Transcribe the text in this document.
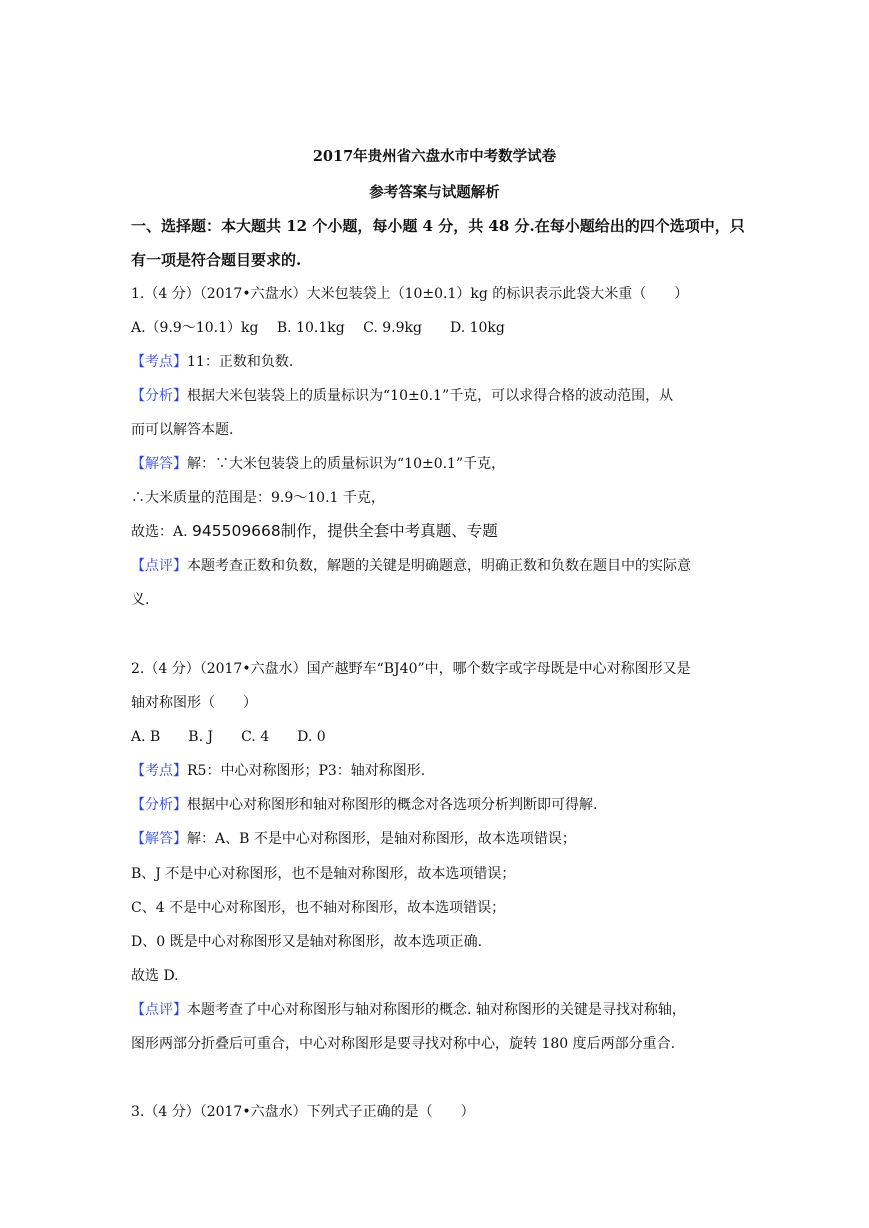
2017年贵州省六盘水市中考数学试卷
参考答案与试题解析
一、选择题：本大题共 12 个小题，每小题 4 分，共 48 分.在每小题给出的四个选项中，只
有一项是符合题目要求的.
1.（4 分）（2017•六盘水）大米包装袋上（10±0.1）kg 的标识表示此袋大米重（　　）
A.（9.9～10.1）kg　 B. 10.1kg　 C. 9.9kg　　D. 10kg
【考点】11：正数和负数.
【分析】根据大米包装袋上的质量标识为“10±0.1”千克，可以求得合格的波动范围，从
而可以解答本题.
【解答】解：∵大米包装袋上的质量标识为“10±0.1”千克，
∴大米质量的范围是：9.9～10.1 千克，
故选：A. 945509668制作，提供全套中考真题、专题
【点评】本题考查正数和负数，解题的关键是明确题意，明确正数和负数在题目中的实际意
义.
2.（4 分）（2017•六盘水）国产越野车“BJ40”中，哪个数字或字母既是中心对称图形又是
轴对称图形（　　）
A. B　　B. J　　C. 4　　D. 0
【考点】R5：中心对称图形；P3：轴对称图形.
【分析】根据中心对称图形和轴对称图形的概念对各选项分析判断即可得解.
【解答】解：A、B 不是中心对称图形，是轴对称图形，故本选项错误；
B、J 不是中心对称图形，也不是轴对称图形，故本选项错误；
C、4 不是中心对称图形，也不轴对称图形，故本选项错误；
D、0 既是中心对称图形又是轴对称图形，故本选项正确.
故选 D.
【点评】本题考查了中心对称图形与轴对称图形的概念. 轴对称图形的关键是寻找对称轴，
图形两部分折叠后可重合，中心对称图形是要寻找对称中心，旋转 180 度后两部分重合.
3.（4 分）（2017•六盘水）下列式子正确的是（　　）
